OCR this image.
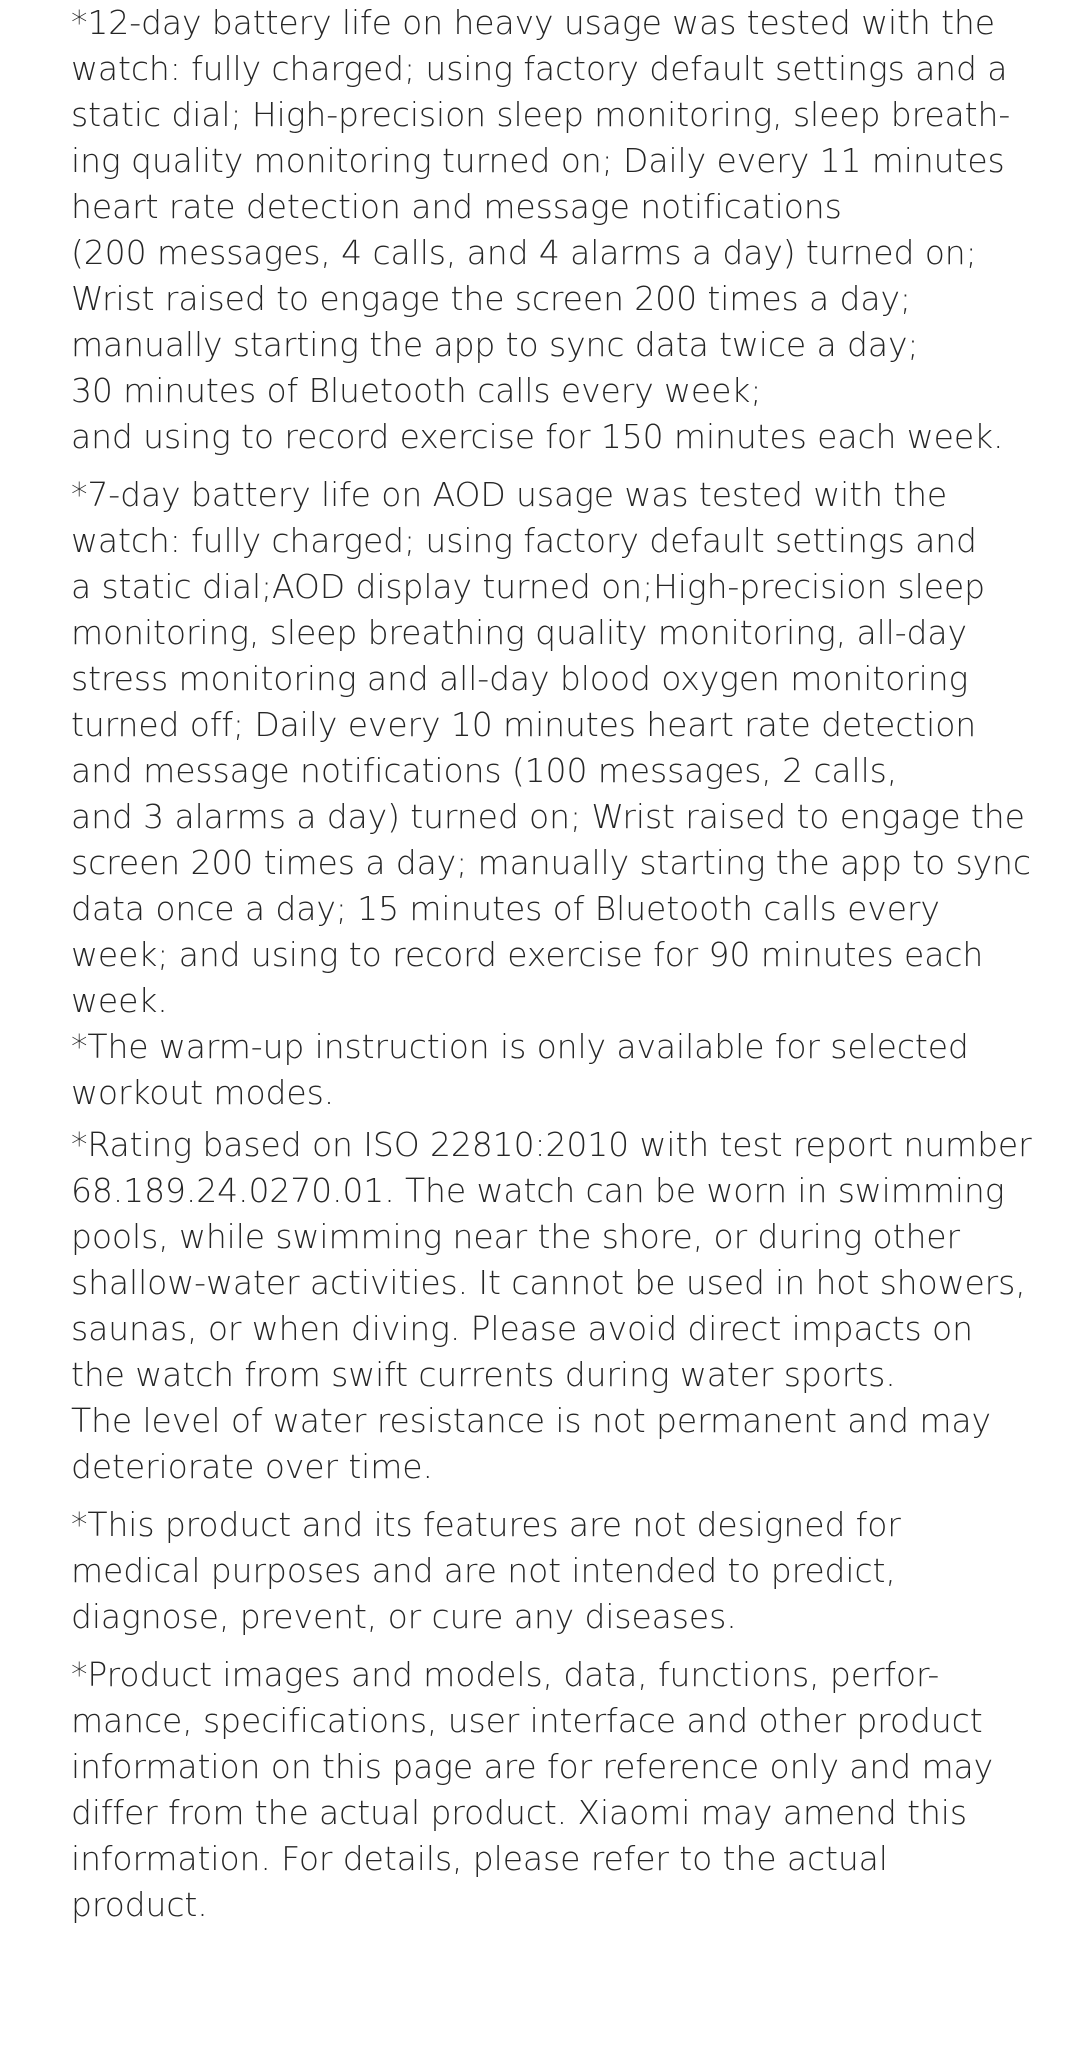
*12-day battery life on heavy usage was tested with the
watch: fully charged; using factory default settings and a
static dial; High-precision sleep monitoring, sleep breath-
ing quality monitoring turned on; Daily every 11 minutes
heart rate detection and message notifications
(200 messages, 4 calls, and 4 alarms a day) turned on;
Wrist raised to engage the screen 200 times a day;
manually starting the app to sync data twice a day;
30 minutes of Bluetooth calls every week;
and using to record exercise for 150 minutes each week.

*7-day battery life on AOD usage was tested with the
watch: fully charged; using factory default settings and
a static dial;AOD display turned on;High-precision sleep
monitoring, sleep breathing quality monitoring, all-day
stress monitoring and all-day blood oxygen monitoring
turned off; Daily every 10 minutes heart rate detection
and message notifications (100 messages, 2 calls,
and 3 alarms a day) turned on; Wrist raised to engage the
screen 200 times a day; manually starting the app to sync
data once a day; 15 minutes of Bluetooth calls every
week; and using to record exercise for 90 minutes each
week.

*The warm-up instruction is only available for selected
workout modes.

*Rating based on ISO 22810:2010 with test report number
68.189.24.0270.01. The watch can be worn in swimming
pools, while swimming near the shore, or during other
shallow-water activities. It cannot be used in hot showers,
saunas, or when diving. Please avoid direct impacts on
the watch from swift currents during water sports.
The level of water resistance is not permanent and may
deteriorate over time.

*This product and its features are not designed for
medical purposes and are not intended to predict,
diagnose, prevent, or cure any diseases.

*Product images and models, data, functions, perfor-
mance, specifications, user interface and other product
information on this page are for reference only and may
differ from the actual product. Xiaomi may amend this
information. For details, please refer to the actual
product.
